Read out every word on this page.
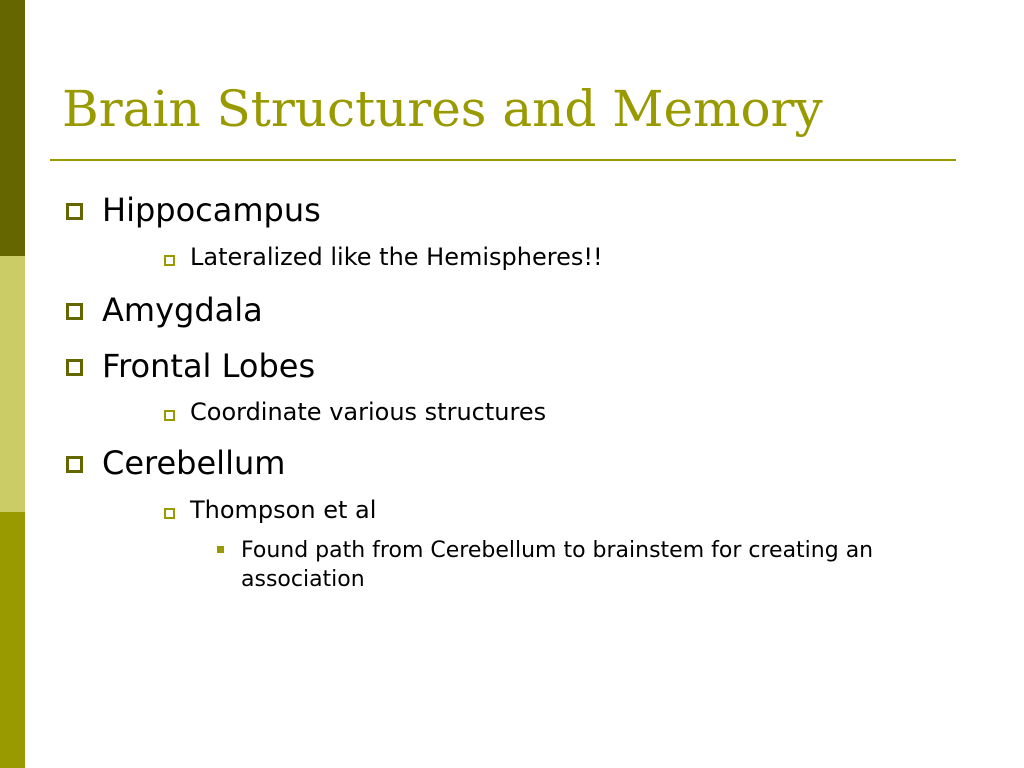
Brain Structures and Memory
Hippocampus
Lateralized like the Hemispheres!!
Amygdala
Frontal Lobes
Coordinate various structures
Cerebellum
Thompson et al
Found path from Cerebellum to brainstem for creating an association
